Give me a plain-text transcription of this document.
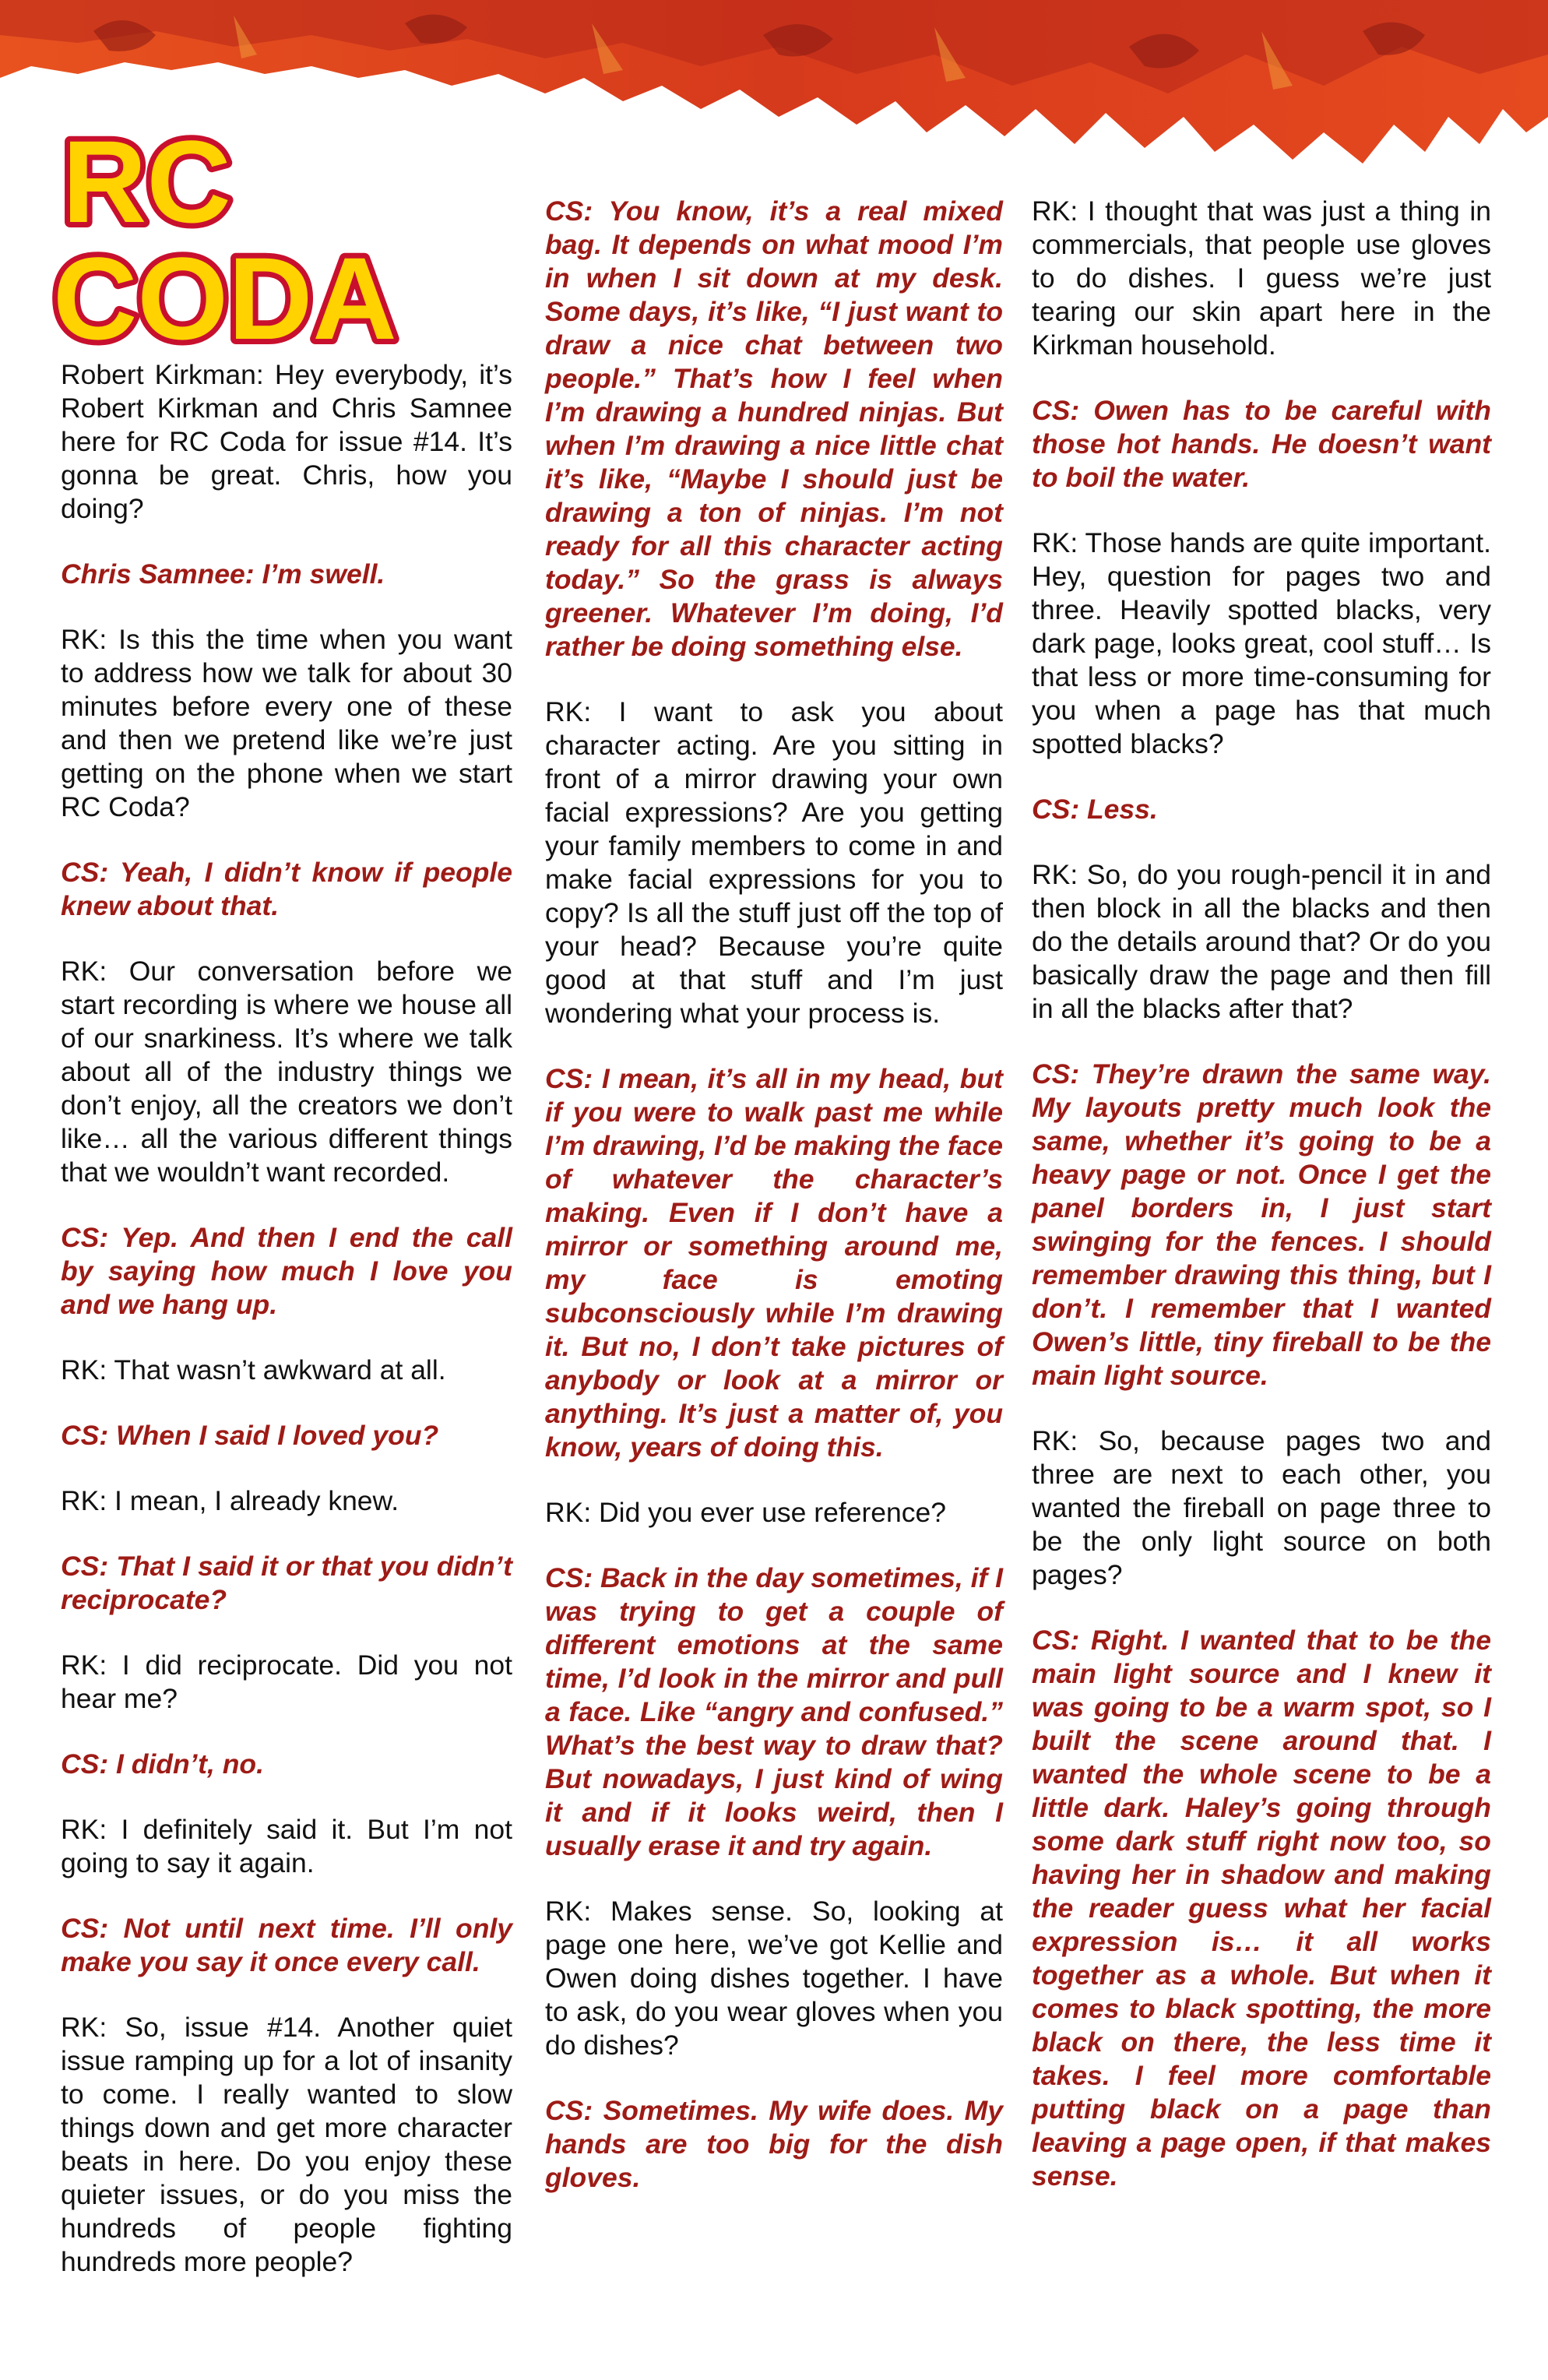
RC
CODA

Robert Kirkman: Hey everybody, it’s Robert Kirkman and Chris Samnee here for RC Coda for issue #14. It’s gonna be great. Chris, how you doing?

Chris Samnee: I’m swell.

RK: Is this the time when you want to address how we talk for about 30 minutes before every one of these and then we pretend like we’re just getting on the phone when we start RC Coda?

CS: Yeah, I didn’t know if people knew about that.

RK: Our conversation before we start recording is where we house all of our snarkiness. It’s where we talk about all of the industry things we don’t enjoy, all the creators we don’t like… all the various different things that we wouldn’t want recorded.

CS: Yep. And then I end the call by saying how much I love you and we hang up.

RK: That wasn’t awkward at all.

CS: When I said I loved you?

RK: I mean, I already knew.

CS: That I said it or that you didn’t reciprocate?

RK: I did reciprocate. Did you not hear me?

CS: I didn’t, no.

RK: I definitely said it. But I’m not going to say it again.

CS: Not until next time. I’ll only make you say it once every call.

RK: So, issue #14. Another quiet issue ramping up for a lot of insanity to come. I really wanted to slow things down and get more character beats in here. Do you enjoy these quieter issues, or do you miss the hundreds of people fighting hundreds more people?

CS: You know, it’s a real mixed bag. It depends on what mood I’m in when I sit down at my desk. Some days, it’s like, “I just want to draw a nice chat between two people.” That’s how I feel when I’m drawing a hundred ninjas. But when I’m drawing a nice little chat it’s like, “Maybe I should just be drawing a ton of ninjas. I’m not ready for all this character acting today.” So the grass is always greener. Whatever I’m doing, I’d rather be doing something else.

RK: I want to ask you about character acting. Are you sitting in front of a mirror drawing your own facial expressions? Are you getting your family members to come in and make facial expressions for you to copy? Is all the stuff just off the top of your head? Because you’re quite good at that stuff and I’m just wondering what your process is.

CS: I mean, it’s all in my head, but if you were to walk past me while I’m drawing, I’d be making the face of whatever the character’s making. Even if I don’t have a mirror or something around me, my face is emoting subconsciously while I’m drawing it. But no, I don’t take pictures of anybody or look at a mirror or anything. It’s just a matter of, you know, years of doing this.

RK: Did you ever use reference?

CS: Back in the day sometimes, if I was trying to get a couple of different emotions at the same time, I’d look in the mirror and pull a face. Like “angry and confused.” What’s the best way to draw that? But nowadays, I just kind of wing it and if it looks weird, then I usually erase it and try again.

RK: Makes sense. So, looking at page one here, we’ve got Kellie and Owen doing dishes together. I have to ask, do you wear gloves when you do dishes?

CS: Sometimes. My wife does. My hands are too big for the dish gloves.

RK: I thought that was just a thing in commercials, that people use gloves to do dishes. I guess we’re just tearing our skin apart here in the Kirkman household.

CS: Owen has to be careful with those hot hands. He doesn’t want to boil the water.

RK: Those hands are quite important. Hey, question for pages two and three. Heavily spotted blacks, very dark page, looks great, cool stuff… Is that less or more time-consuming for you when a page has that much spotted blacks?

CS: Less.

RK: So, do you rough-pencil it in and then block in all the blacks and then do the details around that? Or do you basically draw the page and then fill in all the blacks after that?

CS: They’re drawn the same way. My layouts pretty much look the same, whether it’s going to be a heavy page or not. Once I get the panel borders in, I just start swinging for the fences. I should remember drawing this thing, but I don’t. I remember that I wanted Owen’s little, tiny fireball to be the main light source.

RK: So, because pages two and three are next to each other, you wanted the fireball on page three to be the only light source on both pages?

CS: Right. I wanted that to be the main light source and I knew it was going to be a warm spot, so I built the scene around that. I wanted the whole scene to be a little dark. Haley’s going through some dark stuff right now too, so having her in shadow and making the reader guess what her facial expression is… it all works together as a whole. But when it comes to black spotting, the more black on there, the less time it takes. I feel more comfortable putting black on a page than leaving a page open, if that makes sense.
